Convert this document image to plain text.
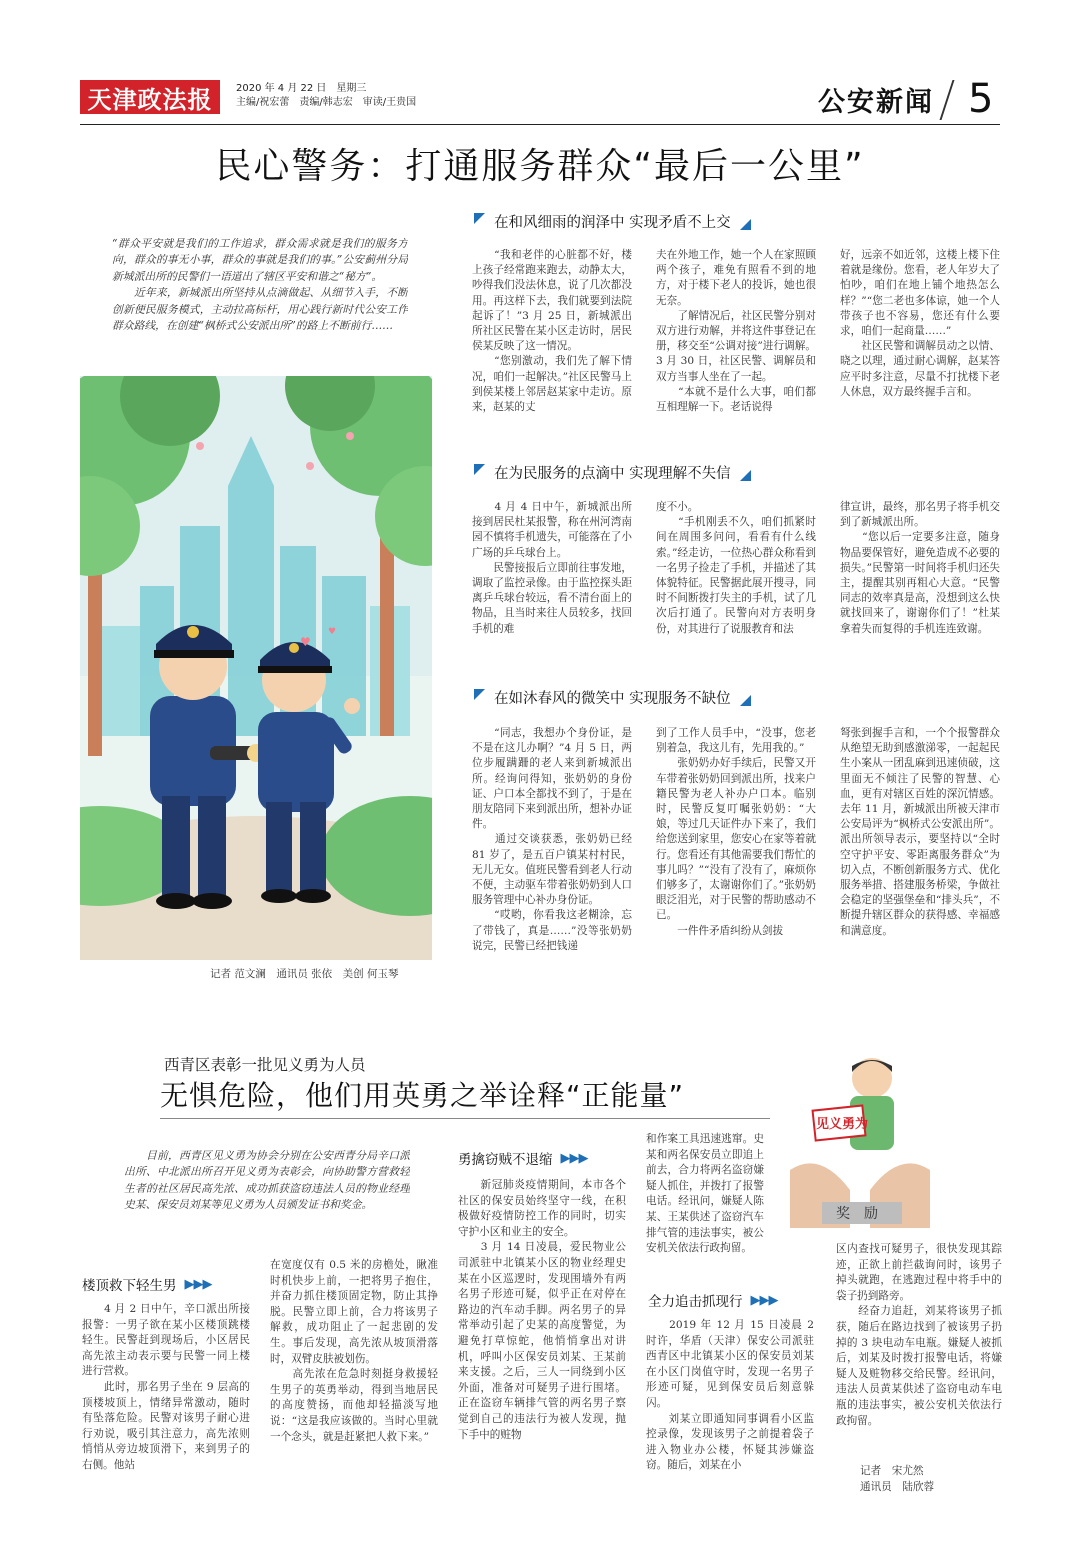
天津政法报	2020 年 4 月 22 日　星期三
主编/祝宏蕾　责编/韩志宏　审读/王贵国	公安新闻 5
民心警务：打通服务群众“最后一公里”
“群众平安就是我们的工作追求，群众需求就是我们的服务方向，群众的事无小事，群众的事就是我们的事。”公安蓟州分局新城派出所的民警们一语道出了辖区平安和谐之“秘方”。
　　近年来，新城派出所坚持从点滴做起、从细节入手，不断创新便民服务模式，主动拉高标杆，用心践行新时代公安工作群众路线，在创建“枫桥式公安派出所”的路上不断前行……
♥
♥
记者 范文澜　通讯员 张依　美创 何玉琴
在和风细雨的润泽中 实现矛盾不上交
　　“我和老伴的心脏都不好，楼上孩子经常跑来跑去，动静太大，吵得我们没法休息，说了几次都没用。再这样下去，我们就要到法院起诉了！”3 月 25 日，新城派出所社区民警在某小区走访时，居民侯某反映了这一情况。
　　“您别激动，我们先了解下情况，咱们一起解决。”社区民警马上到侯某楼上邻居赵某家中走访。原来，赵某的丈
夫在外地工作，她一个人在家照顾两个孩子，难免有照看不到的地方，对于楼下老人的投诉，她也很无奈。
　　了解情况后，社区民警分别对双方进行劝解，并将这件事登记在册，移交至“公调对接”进行调解。3 月 30 日，社区民警、调解员和双方当事人坐在了一起。
　　“本就不是什么大事，咱们都互相理解一下。老话说得
好，远亲不如近邻，这楼上楼下住着就是缘份。您看，老人年岁大了怕吵，咱们在地上铺个地热怎么样？”“您二老也多体谅，她一个人带孩子也不容易，您还有什么要求，咱们一起商量……”
　　社区民警和调解员动之以情、晓之以理，通过耐心调解，赵某答应平时多注意，尽量不打扰楼下老人休息，双方最终握手言和。
在为民服务的点滴中 实现理解不失信
　　4 月 4 日中午，新城派出所接到居民杜某报警，称在州河湾南园不慎将手机遗失，可能落在了小广场的乒乓球台上。
　　民警接报后立即前往事发地，调取了监控录像。由于监控探头距离乒乓球台较远，看不清台面上的物品，且当时来往人员较多，找回手机的难
度不小。
　　“手机刚丢不久，咱们抓紧时间在周围多问问，看看有什么线索。”经走访，一位热心群众称看到一名男子捡走了手机，并描述了其体貌特征。民警据此展开搜寻，同时不间断拨打失主的手机，试了几次后打通了。民警向对方表明身份，对其进行了说服教育和法
律宣讲，最终，那名男子将手机交到了新城派出所。
　　“您以后一定要多注意，随身物品要保管好，避免造成不必要的损失。”民警第一时间将手机归还失主，提醒其别再粗心大意。“民警同志的效率真是高，没想到这么快就找回来了，谢谢你们了！”杜某拿着失而复得的手机连连致谢。
在如沐春风的微笑中 实现服务不缺位
　　“同志，我想办个身份证，是不是在这儿办啊？”4 月 5 日，两位步履蹒跚的老人来到新城派出所。经询问得知，张奶奶的身份证、户口本全都找不到了，于是在朋友陪同下来到派出所，想补办证件。
　　通过交谈获悉，张奶奶已经 81 岁了，是五百户镇某村村民，无儿无女。值班民警看到老人行动不便，主动驱车带着张奶奶到人口服务管理中心补办身份证。
　　“哎哟，你看我这老糊涂，忘了带钱了，真是……”没等张奶奶说完，民警已经把钱递
到了工作人员手中，“没事，您老别着急，我这儿有，先用我的。”
　　张奶奶办好手续后，民警又开车带着张奶奶回到派出所，找来户籍民警为老人补办户口本。临别时，民警反复叮嘱张奶奶：“大娘，等过几天证件办下来了，我们给您送到家里，您安心在家等着就行。您看还有其他需要我们帮忙的事儿吗？”“没有了没有了，麻烦你们够多了，太谢谢你们了。”张奶奶眼泛泪光，对于民警的帮助感动不已。
　　一件件矛盾纠纷从剑拔
弩张到握手言和，一个个报警群众从绝望无助到感激涕零，一起起民生小案从一团乱麻到迅速侦破，这里面无不倾注了民警的智慧、心血，更有对辖区百姓的深沉情感。去年 11 月，新城派出所被天津市公安局评为“枫桥式公安派出所”。派出所领导表示，要坚持以“全时空守护平安、零距离服务群众”为切入点，不断创新服务方式、优化服务举措、搭建服务桥梁，争做社会稳定的坚强堡垒和“排头兵”，不断提升辖区群众的获得感、幸福感和满意度。
西青区表彰一批见义勇为人员
无惧危险，他们用英勇之举诠释“正能量”
见义勇为
奖　励
　　目前，西青区见义勇为协会分别在公安西青分局辛口派出所、中北派出所召开见义勇为表彰会，向协助警方营救轻生者的社区居民高先浓、成功抓获盗窃违法人员的物业经理史某、保安员刘某等见义勇为人员颁发证书和奖金。
楼顶救下轻生男 ▶▶▶
　　4 月 2 日中午，辛口派出所接报警：一男子欲在某小区楼顶跳楼轻生。民警赶到现场后，小区居民高先浓主动表示要与民警一同上楼进行营救。
　　此时，那名男子坐在 9 层高的顶楼坡顶上，情绪异常激动，随时有坠落危险。民警对该男子耐心进行劝说，吸引其注意力，高先浓则悄悄从旁边坡顶滑下，来到男子的右侧。他站
在宽度仅有 0.5 米的房檐处，瞅准时机快步上前，一把将男子抱住，并奋力抓住楼顶固定物，防止其挣脱。民警立即上前，合力将该男子解救，成功阻止了一起悲剧的发生。事后发现，高先浓从坡顶滑落时，双臂皮肤被划伤。
　　高先浓在危急时刻挺身救援轻生男子的英勇举动，得到当地居民的高度赞扬，而他却轻描淡写地说：“这是我应该做的。当时心里就一个念头，就是赶紧把人救下来。”
勇擒窃贼不退缩 ▶▶▶
　　新冠肺炎疫情期间，本市各个社区的保安员始终坚守一线，在积极做好疫情防控工作的同时，切实守护小区和业主的安全。
　　3 月 14 日凌晨，爱民物业公司派驻中北镇某小区的物业经理史某在小区巡逻时，发现围墙外有两名男子形迹可疑，似乎正在对停在路边的汽车动手脚。两名男子的异常举动引起了史某的高度警觉，为避免打草惊蛇，他悄悄拿出对讲机，呼叫小区保安员刘某、王某前来支援。之后，三人一同绕到小区外面，准备对可疑男子进行围堵。正在盗窃车辆排气管的两名男子察觉到自己的违法行为被人发现，抛下手中的赃物
和作案工具迅速逃窜。史某和两名保安员立即追上前去，合力将两名盗窃嫌疑人抓住，并拨打了报警电话。经讯问，嫌疑人陈某、王某供述了盗窃汽车排气管的违法事实，被公安机关依法行政拘留。
全力追击抓现行 ▶▶▶
　　2019 年 12 月 15 日凌晨 2 时许，华盾（天津）保安公司派驻西青区中北镇某小区的保安员刘某在小区门岗值守时，发现一名男子形迹可疑，见到保安员后刻意躲闪。
　　刘某立即通知同事调看小区监控录像，发现该男子之前提着袋子进入物业办公楼，怀疑其涉嫌盗窃。随后，刘某在小
区内查找可疑男子，很快发现其踪迹，正欲上前拦截询问时，该男子掉头就跑，在逃跑过程中将手中的袋子扔到路旁。
　　经奋力追赶，刘某将该男子抓获，随后在路边找到了被该男子扔掉的 3 块电动车电瓶。嫌疑人被抓后，刘某及时拨打报警电话，将嫌疑人及赃物移交给民警。经讯问，违法人员黄某供述了盗窃电动车电瓶的违法事实，被公安机关依法行政拘留。
记者　宋尤然
通讯员　陆欣蓉
